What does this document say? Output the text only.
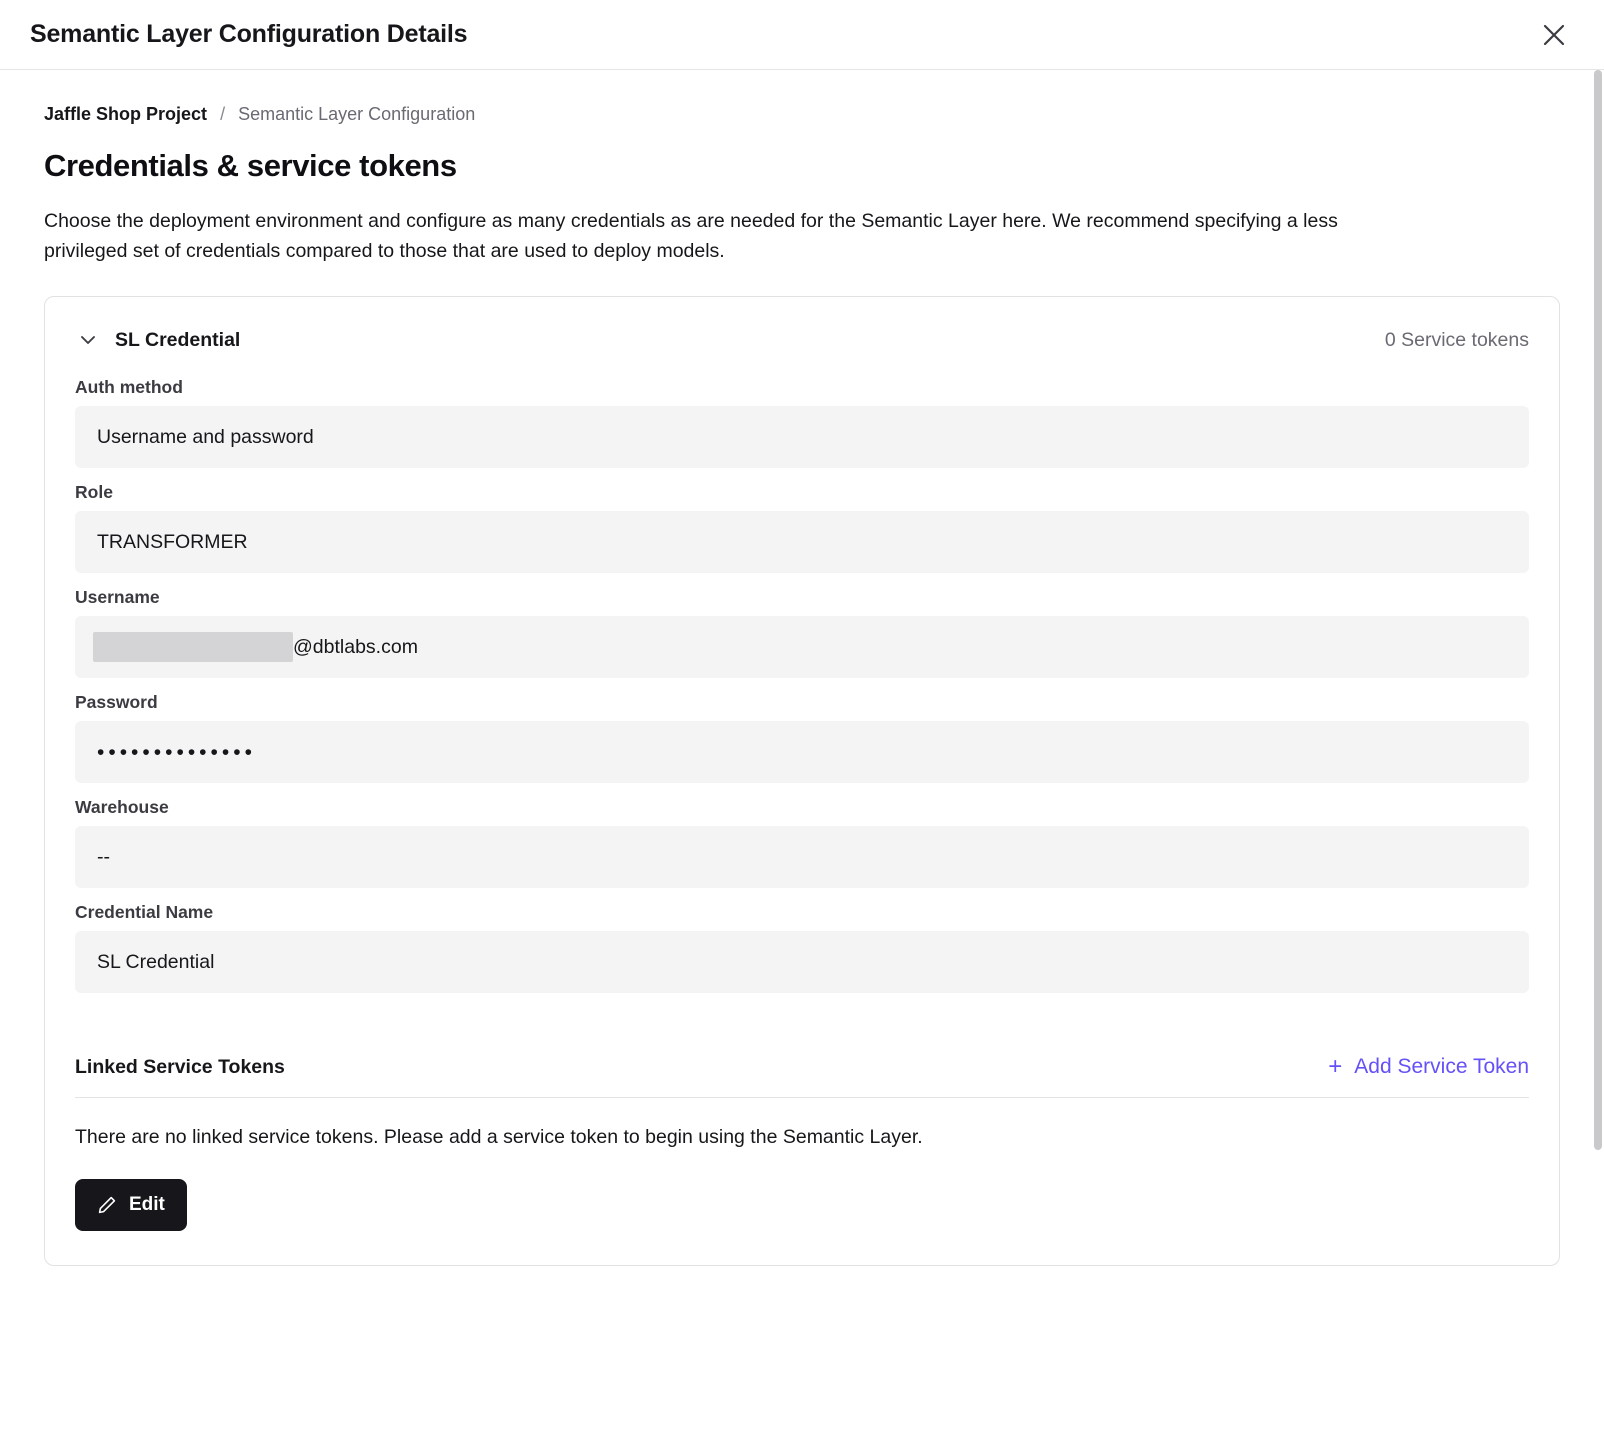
Semantic Layer Configuration Details
Jaffle Shop Project / Semantic Layer Configuration
Credentials & service tokens

Choose the deployment environment and configure as many credentials as are needed for the Semantic Layer here. We recommend specifying a less privileged set of credentials compared to those that are used to deploy models.

SL Credential	0 Service tokens
Auth method
Username and password
Role
TRANSFORMER
Username
@dbtlabs.com
Password
••••••••••••••
Warehouse
--
Credential Name
SL Credential
Linked Service Tokens	+ Add Service Token
There are no linked service tokens. Please add a service token to begin using the Semantic Layer.
Edit
